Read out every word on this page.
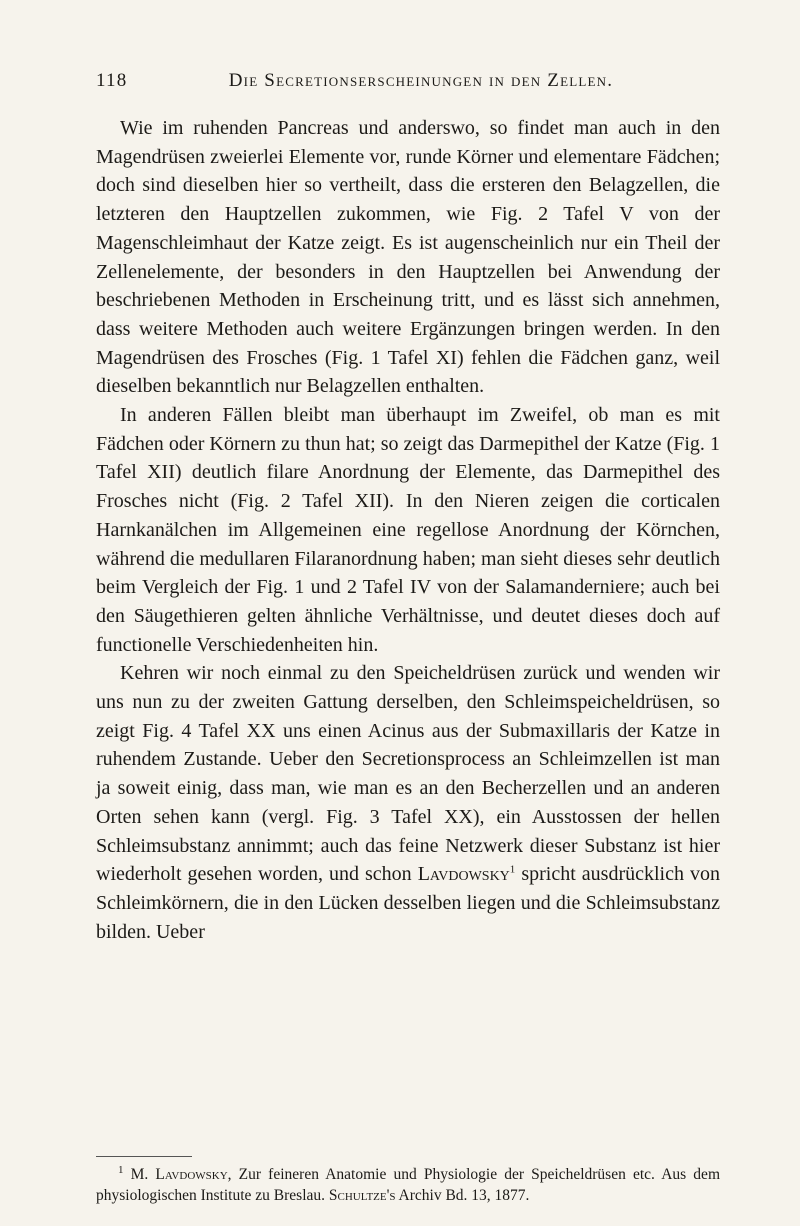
118	Die Secretionserscheinungen in den Zellen.

Wie im ruhenden Pancreas und anderswo, so findet man auch in den Magendrüsen zweierlei Elemente vor, runde Körner und elementare Fädchen; doch sind dieselben hier so vertheilt, dass die ersteren den Belagzellen, die letzteren den Hauptzellen zukommen, wie Fig. 2 Tafel V von der Magenschleimhaut der Katze zeigt. Es ist augenscheinlich nur ein Theil der Zellenelemente, der besonders in den Hauptzellen bei Anwendung der beschriebenen Methoden in Erscheinung tritt, und es lässt sich annehmen, dass weitere Methoden auch weitere Ergänzungen bringen werden. In den Magendrüsen des Frosches (Fig. 1 Tafel XI) fehlen die Fädchen ganz, weil dieselben bekanntlich nur Belagzellen enthalten.

In anderen Fällen bleibt man überhaupt im Zweifel, ob man es mit Fädchen oder Körnern zu thun hat; so zeigt das Darmepithel der Katze (Fig. 1 Tafel XII) deutlich filare Anordnung der Elemente, das Darmepithel des Frosches nicht (Fig. 2 Tafel XII). In den Nieren zeigen die corticalen Harnkanälchen im Allgemeinen eine regellose Anordnung der Körnchen, während die medullaren Filaranordnung haben; man sieht dieses sehr deutlich beim Vergleich der Fig. 1 und 2 Tafel IV von der Salamanderniere; auch bei den Säugethieren gelten ähnliche Verhältnisse, und deutet dieses doch auf functionelle Verschiedenheiten hin.

Kehren wir noch einmal zu den Speicheldrüsen zurück und wenden wir uns nun zu der zweiten Gattung derselben, den Schleimspeicheldrüsen, so zeigt Fig. 4 Tafel XX uns einen Acinus aus der Submaxillaris der Katze in ruhendem Zustande. Ueber den Secretionsprocess an Schleimzellen ist man ja soweit einig, dass man, wie man es an den Becherzellen und an anderen Orten sehen kann (vergl. Fig. 3 Tafel XX), ein Ausstossen der hellen Schleimsubstanz annimmt; auch das feine Netzwerk dieser Substanz ist hier wiederholt gesehen worden, und schon Lavdowsky$^1$ spricht ausdrücklich von Schleimkörnern, die in den Lücken desselben liegen und die Schleimsubstanz bilden. Ueber

$^1$ M. Lavdowsky, Zur feineren Anatomie und Physiologie der Speicheldrüsen etc. Aus dem physiologischen Institute zu Breslau. Schultze's Archiv Bd. 13, 1877.
